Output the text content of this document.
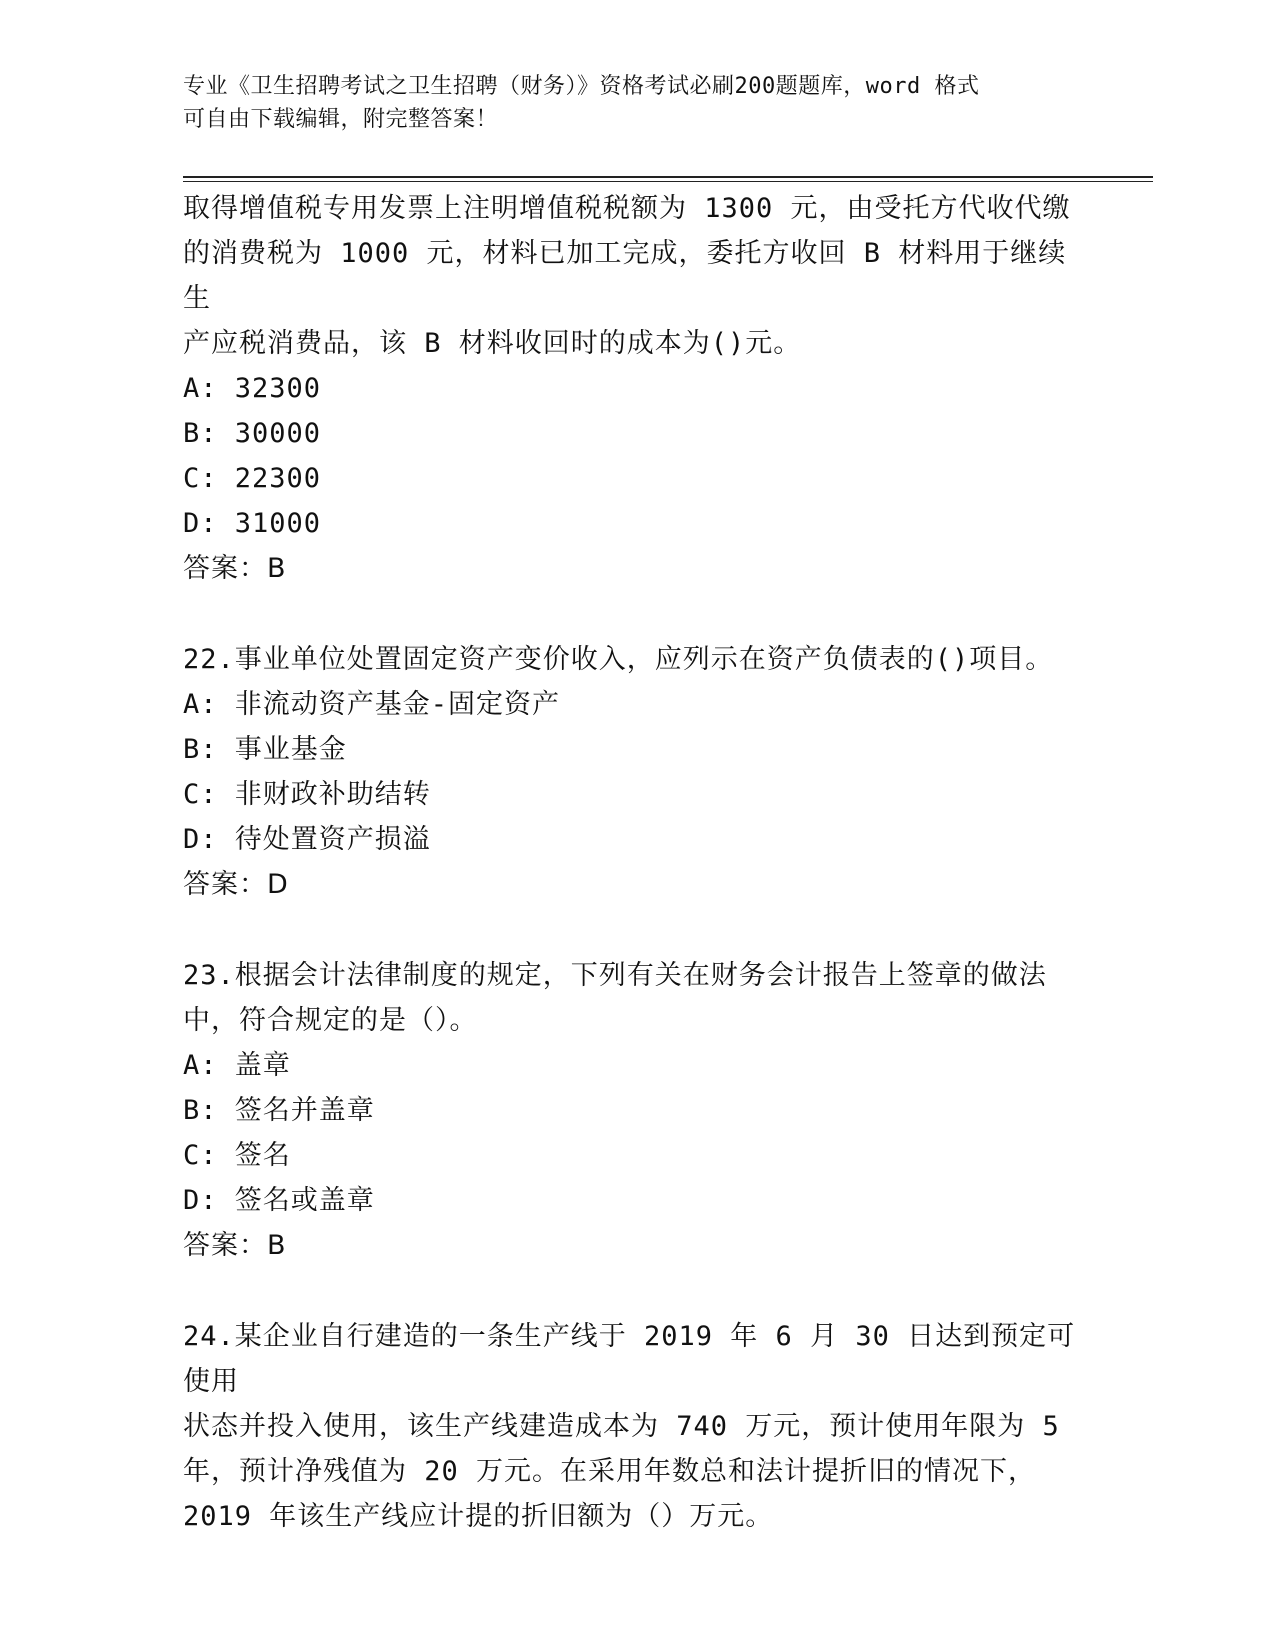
专业《卫生招聘考试之卫生招聘（财务）》资格考试必刷200题题库，word 格式
可自由下载编辑，附完整答案！

取得增值税专用发票上注明增值税税额为 1300 元，由受托方代收代缴

的消费税为 1000 元，材料已加工完成，委托方收回 B 材料用于继续生

产应税消费品，该 B 材料收回时的成本为()元。

A: 32300

B: 30000

C: 22300

D: 31000

答案：B

22.事业单位处置固定资产变价收入，应列示在资产负债表的()项目。

A: 非流动资产基金-固定资产

B: 事业基金

C: 非财政补助结转

D: 待处置资产损溢

答案：D

23.根据会计法律制度的规定，下列有关在财务会计报告上签章的做法

中，符合规定的是（）。

A: 盖章

B: 签名并盖章

C: 签名

D: 签名或盖章

答案：B

24.某企业自行建造的一条生产线于 2019 年 6 月 30 日达到预定可使用

状态并投入使用，该生产线建造成本为 740 万元，预计使用年限为 5

年，预计净残值为 20 万元。在采用年数总和法计提折旧的情况下，

2019 年该生产线应计提的折旧额为（）万元。
